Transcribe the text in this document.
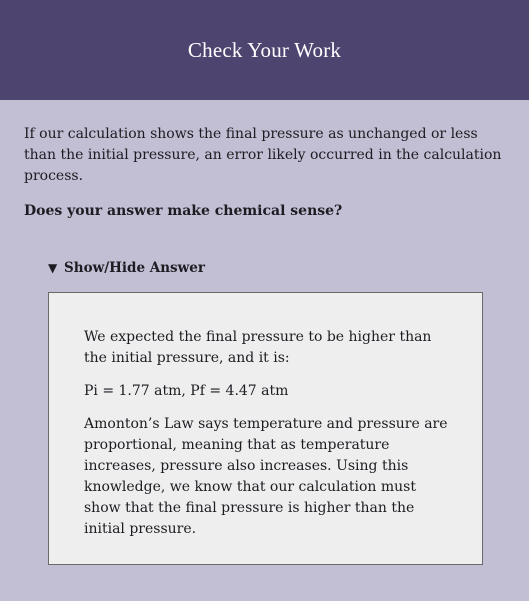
Check Your Work

If our calculation shows the final pressure as unchanged or less than the initial pressure, an error likely occurred in the calculation process.

Does your answer make chemical sense?

▼ Show/Hide Answer

We expected the final pressure to be higher than the initial pressure, and it is:

Pi = 1.77 atm, Pf = 4.47 atm

Amonton’s Law says temperature and pressure are proportional, meaning that as temperature increases, pressure also increases. Using this knowledge, we know that our calculation must show that the final pressure is higher than the initial pressure.
